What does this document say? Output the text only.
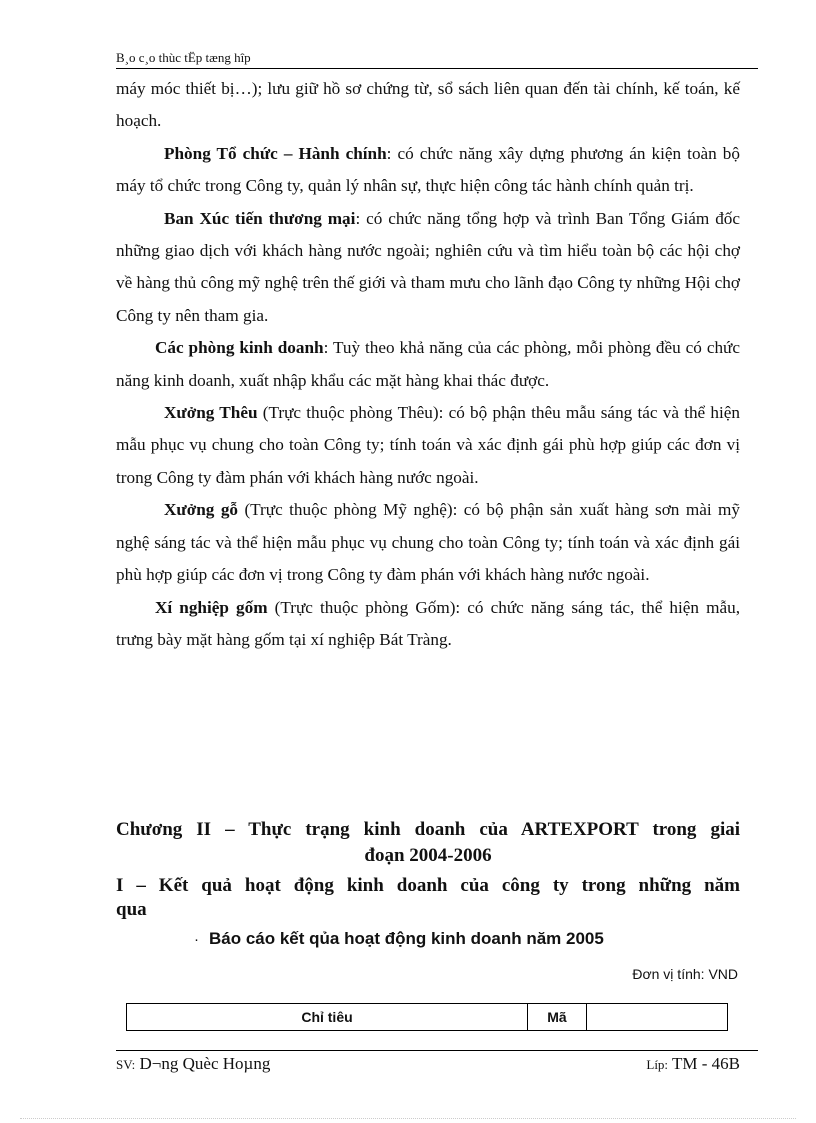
B¸o c¸o thùc tËp tæng hîp

máy móc thiết bị…); lưu giữ hồ sơ chứng từ, sổ sách liên quan đến tài chính, kế toán, kế hoạch.

Phòng Tổ chức – Hành chính: có chức năng xây dựng phương án kiện toàn bộ máy tổ chức trong Công ty, quản lý nhân sự, thực hiện công tác hành chính quản trị.

Ban Xúc tiến thương mại: có chức năng tổng hợp và trình Ban Tổng Giám đốc những giao dịch với khách hàng nước ngoài; nghiên cứu và tìm hiểu toàn bộ các hội chợ về hàng thủ công mỹ nghệ trên thế giới và tham mưu cho lãnh đạo Công ty những Hội chợ Công ty nên tham gia.

Các phòng kinh doanh: Tuỳ theo khả năng của các phòng, mỗi phòng đều có chức năng kinh doanh, xuất nhập khẩu các mặt hàng khai thác được.

Xưởng Thêu (Trực thuộc phòng Thêu): có bộ phận thêu mẫu sáng tác và thể hiện mẫu phục vụ chung cho toàn Công ty; tính toán và xác định gái phù hợp giúp các đơn vị trong Công ty đàm phán với khách hàng nước ngoài.

Xưởng gỗ (Trực thuộc phòng Mỹ nghệ): có bộ phận sản xuất hàng sơn mài mỹ nghệ sáng tác và thể hiện mẫu phục vụ chung cho toàn Công ty; tính toán và xác định gái phù hợp giúp các đơn vị trong Công ty đàm phán với khách hàng nước ngoài.

Xí nghiệp gốm (Trực thuộc phòng Gốm): có chức năng sáng tác, thể hiện mẫu, trưng bày mặt hàng gốm tại xí nghiệp Bát Tràng.

Chương II – Thực trạng kinh doanh của ARTEXPORT trong giai
đoạn 2004-2006
I – Kết quả hoạt động kinh doanh của công ty trong những năm
qua
· Báo cáo kết qủa hoạt động kinh doanh năm 2005
Đơn vị tính: VND
Chỉ tiêu	Mã	
SV: D¬ng Quèc Hoµng	Líp: TM - 46B
